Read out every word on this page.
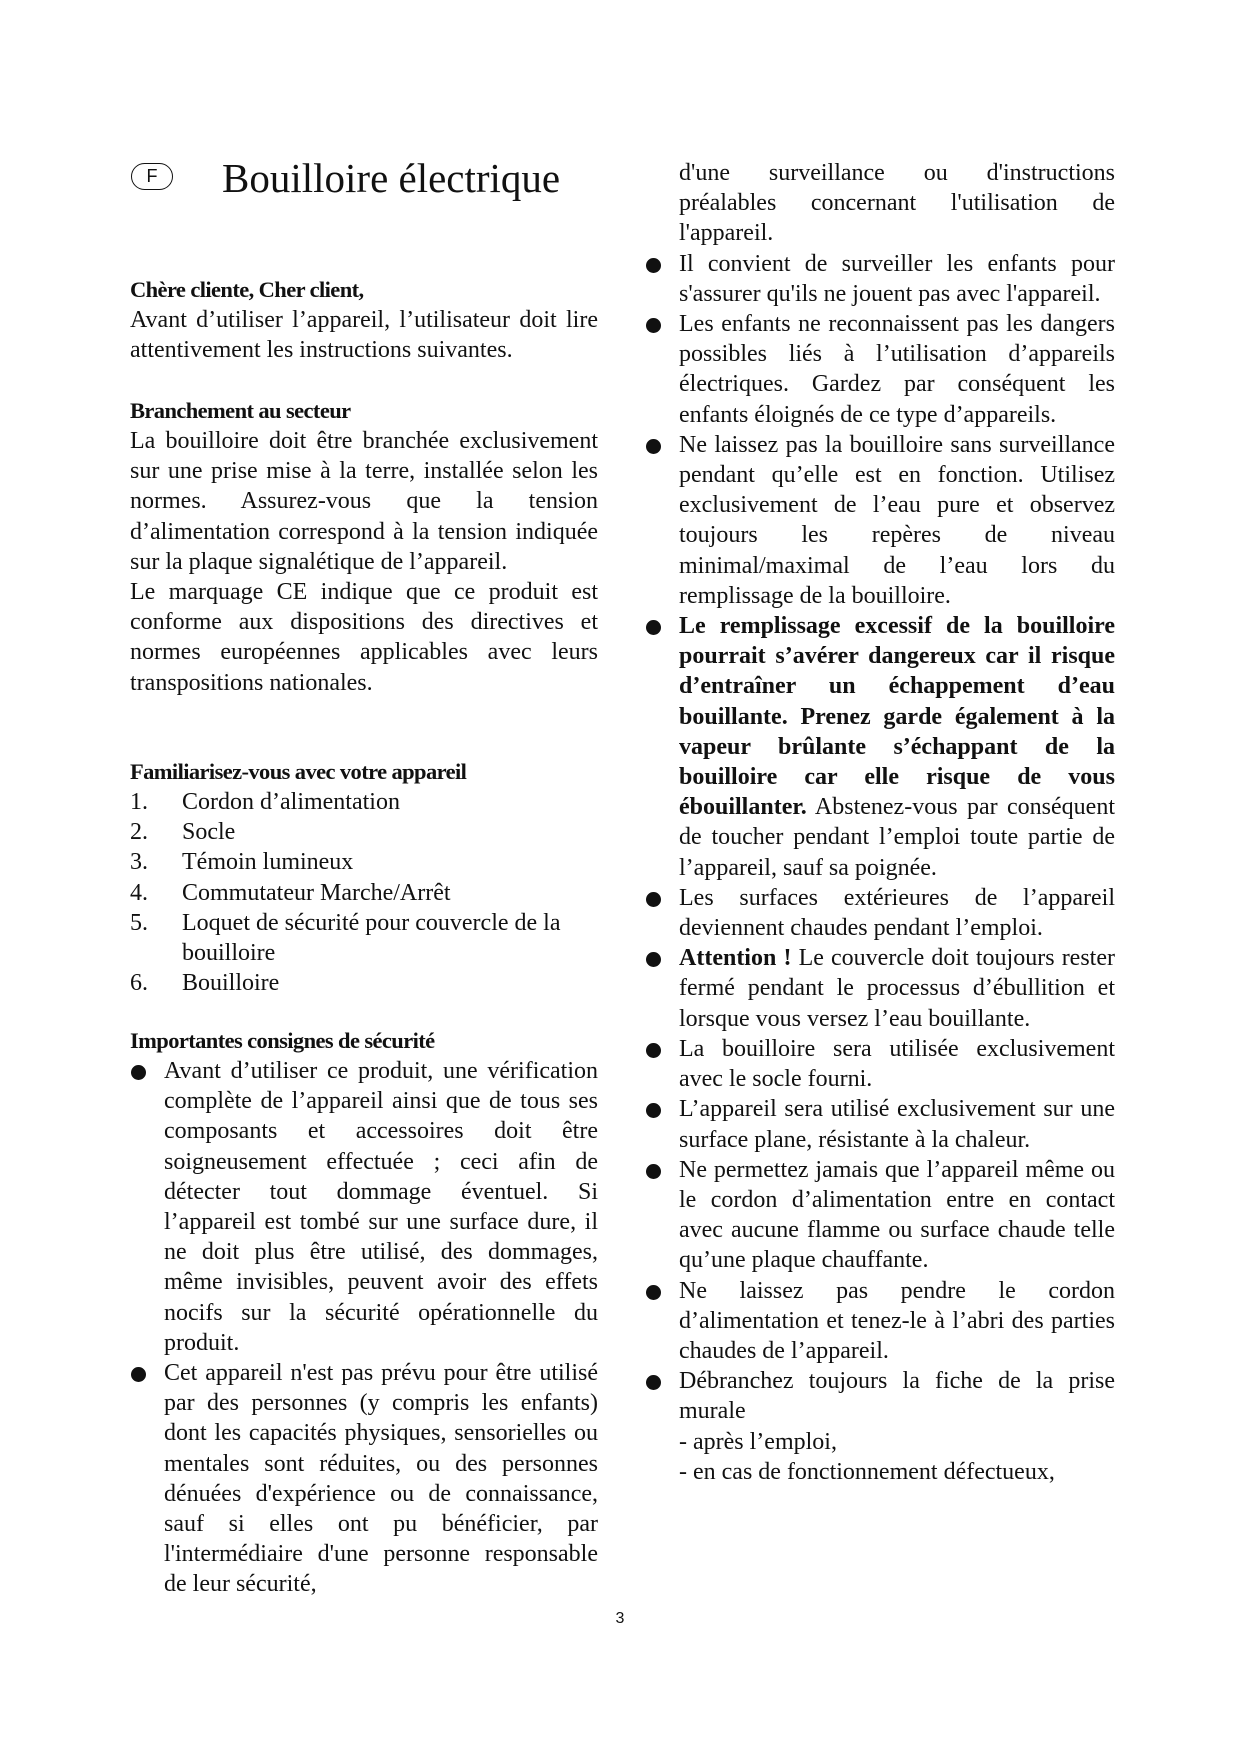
F	Bouilloire électrique
Chère cliente, Cher client,

Avant d’utiliser l’appareil, l’utilisateur doit lire attentivement les instructions suivantes.

Branchement au secteur

La bouilloire doit être branchée exclusivement sur une prise mise à la terre, installée selon les normes. Assurez-vous que la tension d’alimentation correspond à la tension indiquée sur la plaque signalétique de l’appareil.

Le marquage CE indique que ce produit est conforme aux dispositions des directives et normes européennes applicables avec leurs transpositions nationales.

Familiarisez-vous avec votre appareil
1. Cordon d’alimentation
2. Socle
3. Témoin lumineux
4. Commutateur Marche/Arrêt
5. Loquet de sécurité pour couvercle de la bouilloire
6. Bouilloire
Importantes consignes de sécurité
Avant d’utiliser ce produit, une vérification complète de l’appareil ainsi que de tous ses composants et accessoires doit être soigneusement effectuée ; ceci afin de détecter tout dommage éventuel. Si l’appareil est tombé sur une surface dure, il ne doit plus être utilisé, des dommages, même invisibles, peuvent avoir des effets nocifs sur la sécurité opérationnelle du produit.
Cet appareil n'est pas prévu pour être utilisé par des personnes (y compris les enfants) dont les capacités physiques, sensorielles ou mentales sont réduites, ou des personnes dénuées d'expérience ou de connaissance, sauf si elles ont pu bénéficier, par l'intermédiaire d'une personne responsable de leur sécurité,
d'une surveillance ou d'instructions préalables concernant l'utilisation de l'appareil.
Il convient de surveiller les enfants pour s'assurer qu'ils ne jouent pas avec l'appareil.
Les enfants ne reconnaissent pas les dangers possibles liés à l’utilisation d’appareils électriques. Gardez par conséquent les enfants éloignés de ce type d’appareils.
Ne laissez pas la bouilloire sans surveillance pendant qu’elle est en fonction. Utilisez exclusivement de l’eau pure et observez toujours les repères de niveau minimal/maximal de l’eau lors du remplissage de la bouilloire.
Le remplissage excessif de la bouilloire pourrait s’avérer dangereux car il risque d’entraîner un échappement d’eau bouillante. Prenez garde également à la vapeur brûlante s’échappant de la bouilloire car elle risque de vous ébouillanter. Abstenez-vous par conséquent de toucher pendant l’emploi toute partie de l’appareil, sauf sa poignée.
Les surfaces extérieures de l’appareil deviennent chaudes pendant l’emploi.
Attention ! Le couvercle doit toujours rester fermé pendant le processus d’ébullition et lorsque vous versez l’eau bouillante.
La bouilloire sera utilisée exclusivement avec le socle fourni.
L’appareil sera utilisé exclusivement sur une surface plane, résistante à la chaleur.
Ne permettez jamais que l’appareil même ou le cordon d’alimentation entre en contact avec aucune flamme ou surface chaude telle qu’une plaque chauffante.
Ne laissez pas pendre le cordon d’alimentation et tenez-le à l’abri des parties chaudes de l’appareil.
Débranchez toujours la fiche de la prise murale
- après l’emploi,
- en cas de fonctionnement défectueux,
3
